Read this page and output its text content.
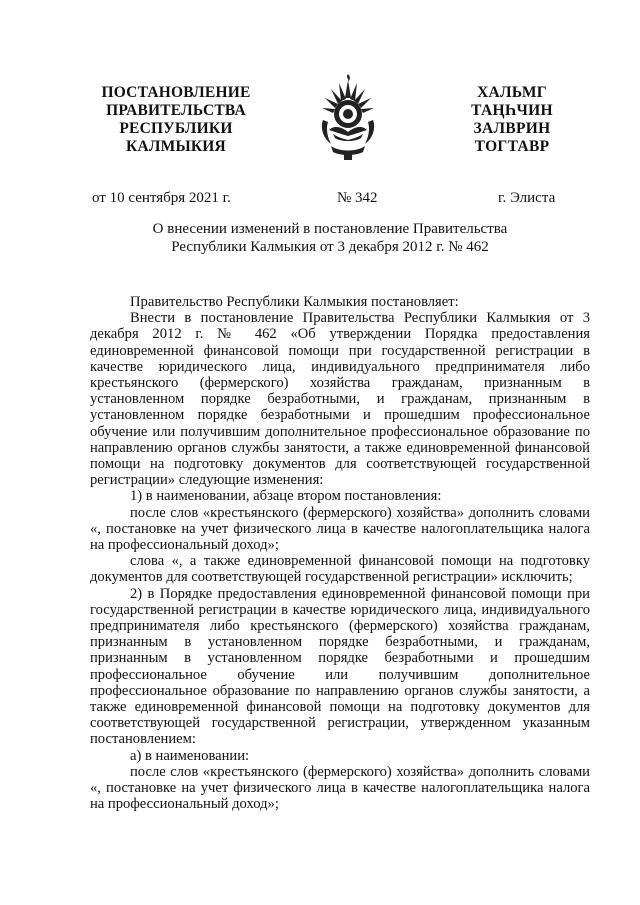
ПОСТАНОВЛЕНИЕ
ПРАВИТЕЛЬСТВА
РЕСПУБЛИКИ
КАЛМЫКИЯ
ХАЛЬМГ
ТАҢҺЧИН
ЗАЛВРИН
ТОГТАВР
от 10 сентября 2021 г.	№ 342	г. Элиста
О внесении изменений в постановление Правительства Республики Калмыкия от 3 декабря 2012 г. № 462

Правительство Республики Калмыкия постановляет:

Внести в постановление Правительства Республики Калмыкия от 3 декабря 2012 г. № 462 «Об утверждении Порядка предоставления единовременной финансовой помощи при государственной регистрации в качестве юридического лица, индивидуального предпринимателя либо крестьянского (фермерского) хозяйства гражданам, признанным в установленном порядке безработными, и гражданам, признанным в установленном порядке безработными и прошедшим профессиональное обучение или получившим дополнительное профессиональное образование по направлению органов службы занятости, а также единовременной финансовой помощи на подготовку документов для соответствующей государственной регистрации» следующие изменения:

1) в наименовании, абзаце втором постановления:

после слов «крестьянского (фермерского) хозяйства» дополнить словами «, постановке на учет физического лица в качестве налогоплательщика налога на профессиональный доход»;

слова «, а также единовременной финансовой помощи на подготовку документов для соответствующей государственной регистрации» исключить;

2) в Порядке предоставления единовременной финансовой помощи при государственной регистрации в качестве юридического лица, индивидуального предпринимателя либо крестьянского (фермерского) хозяйства гражданам, признанным в установленном порядке безработными, и гражданам, признанным в установленном порядке безработными и прошедшим профессиональное обучение или получившим дополнительное профессиональное образование по направлению органов службы занятости, а также единовременной финансовой помощи на подготовку документов для соответствующей государственной регистрации, утвержденном указанным постановлением:

а) в наименовании:

после слов «крестьянского (фермерского) хозяйства» дополнить словами «, постановке на учет физического лица в качестве налогоплательщика налога на профессиональный доход»;
